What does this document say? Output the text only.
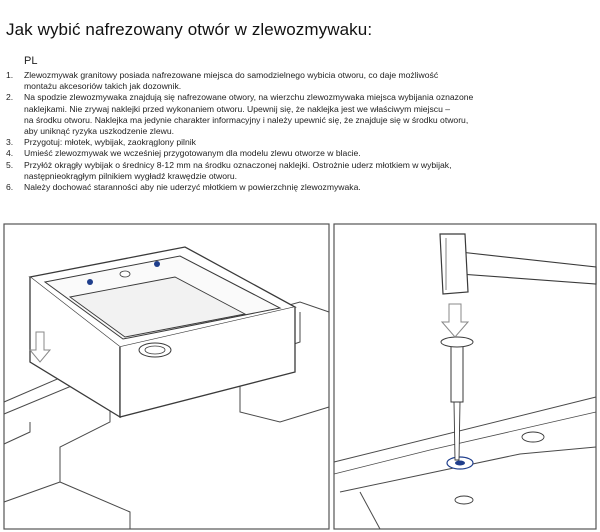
Jak wybić nafrezowany otwór w zlewozmywaku:
PL
1.	Zlewozmywak granitowy posiada nafrezowane miejsca do samodzielnego wybicia otworu, co daje możliwość
montażu akcesoriów takich jak dozownik.
2.	Na spodzie zlewozmywaka znajdują się nafrezowane otwory, na wierzchu zlewozmywaka miejsca wybijania oznazone
naklejkami. Nie zrywaj naklejki przed wykonaniem otworu. Upewnij się, że naklejka jest we właściwym miejscu –
na środku otworu. Naklejka ma jedynie charakter informacyjny i należy upewnić się, że znajduje się w środku otworu,
aby uniknąć ryzyka uszkodzenie zlewu.
3.	Przygotuj: młotek, wybijak, zaokrąglony pilnik
4.	Umieść zlewozmywak we wcześniej przygotowanym dla modelu zlewu otworze w blacie.
5.	Przyłóż okrągły wybijak o średnicy 8-12 mm na środku oznaczonej naklejki. Ostrożnie uderz młotkiem w wybijak,
następnieokrągłym pilnikiem wygładź krawędzie otworu.
6.	Należy dochować staranności aby nie uderzyć młotkiem w powierzchnię zlewozmywaka.
